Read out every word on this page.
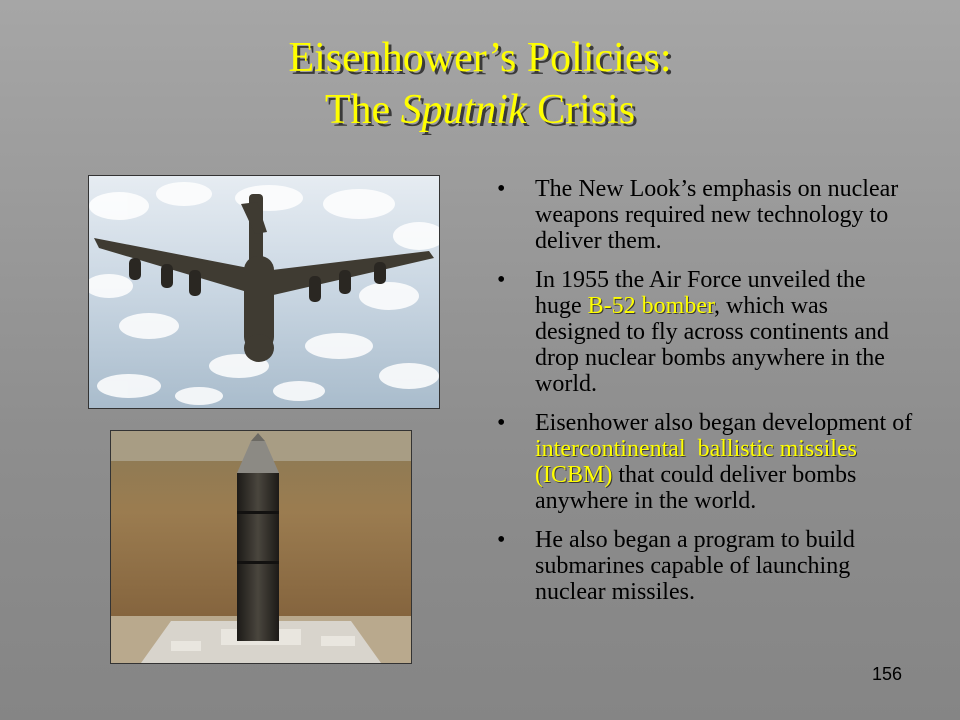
Eisenhower’s Policies:
The Sputnik Crisis
• The New Look’s emphasis on nuclear weapons required new technology to deliver them.
• In 1955 the Air Force unveiled the huge B-52 bomber, which was designed to fly across continents and drop nuclear bombs anywhere in the world.
• Eisenhower also began development of intercontinental  ballistic missiles (ICBM) that could deliver bombs anywhere in the world.
• He also began a program to build submarines capable of launching nuclear missiles.
156
